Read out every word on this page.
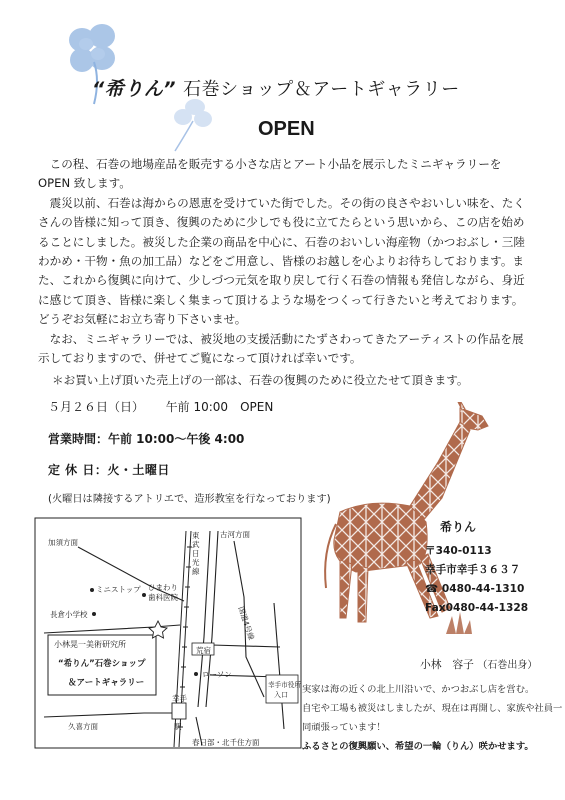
“希りん” 石巻ショップ＆アートギャラリー
OPEN

この程、石巻の地場産品を販売する小さな店とアート小品を展示したミニギャラリーをOPEN 致します。

震災以前、石巻は海からの恩恵を受けていた街でした。その街の良さやおいしい味を、たくさんの皆様に知って頂き、復興のために少しでも役に立てたらという思いから、この店を始めることにしました。被災した企業の商品を中心に、石巻のおいしい海産物（かつおぶし・三陸わかめ・干物・魚の加工品）などをご用意し、皆様のお越しを心よりお待ちしております。また、これから復興に向けて、少しづつ元気を取り戻して行く石巻の情報も発信しながら、身近に感じて頂き、皆様に楽しく集まって頂けるような場をつくって行きたいと考えております。　どうぞお気軽にお立ち寄り下さいませ。

なお、ミニギャラリーでは、被災地の支援活動にたずさわってきたアーティストの作品を展示しておりますので、併せてご覧になって頂ければ幸いです。

＊お買い上げ頂いた売上げの一部は、石巻の復興のために役立たせて頂きます。
５月２６日（日） 午前 10:00　OPEN
営業時間：午前 10:00～午後 4:00
定 休 日：火・土曜日
(火曜日は隣接するアトリエで、造形教室を行なっております)
希りん
〒340-0113
幸手市幸手３６３７
☎ 0480-44-1310
Fax0480-44-1328
小林　容子 （石巻出身）
実家は海の近くの北上川沿いで、かつおぶし店を営む。
自宅や工場も被災はしましたが、現在は再開し、家族や社員一
同頑張っています！
ふるさとの復興願い、希望の一輪（りん）咲かせます。
加須方面
古河方面
東武日光線
国道4号線
ミニストップ ひまわり
歯科医院
長倉小学校
荒宿
幸手市役所
入口
ローソン
幸手
駅
久喜方面
春日部・北千住方面
小林晃一美術研究所
“希りん”石巻ショップ
＆アートギャラリー
